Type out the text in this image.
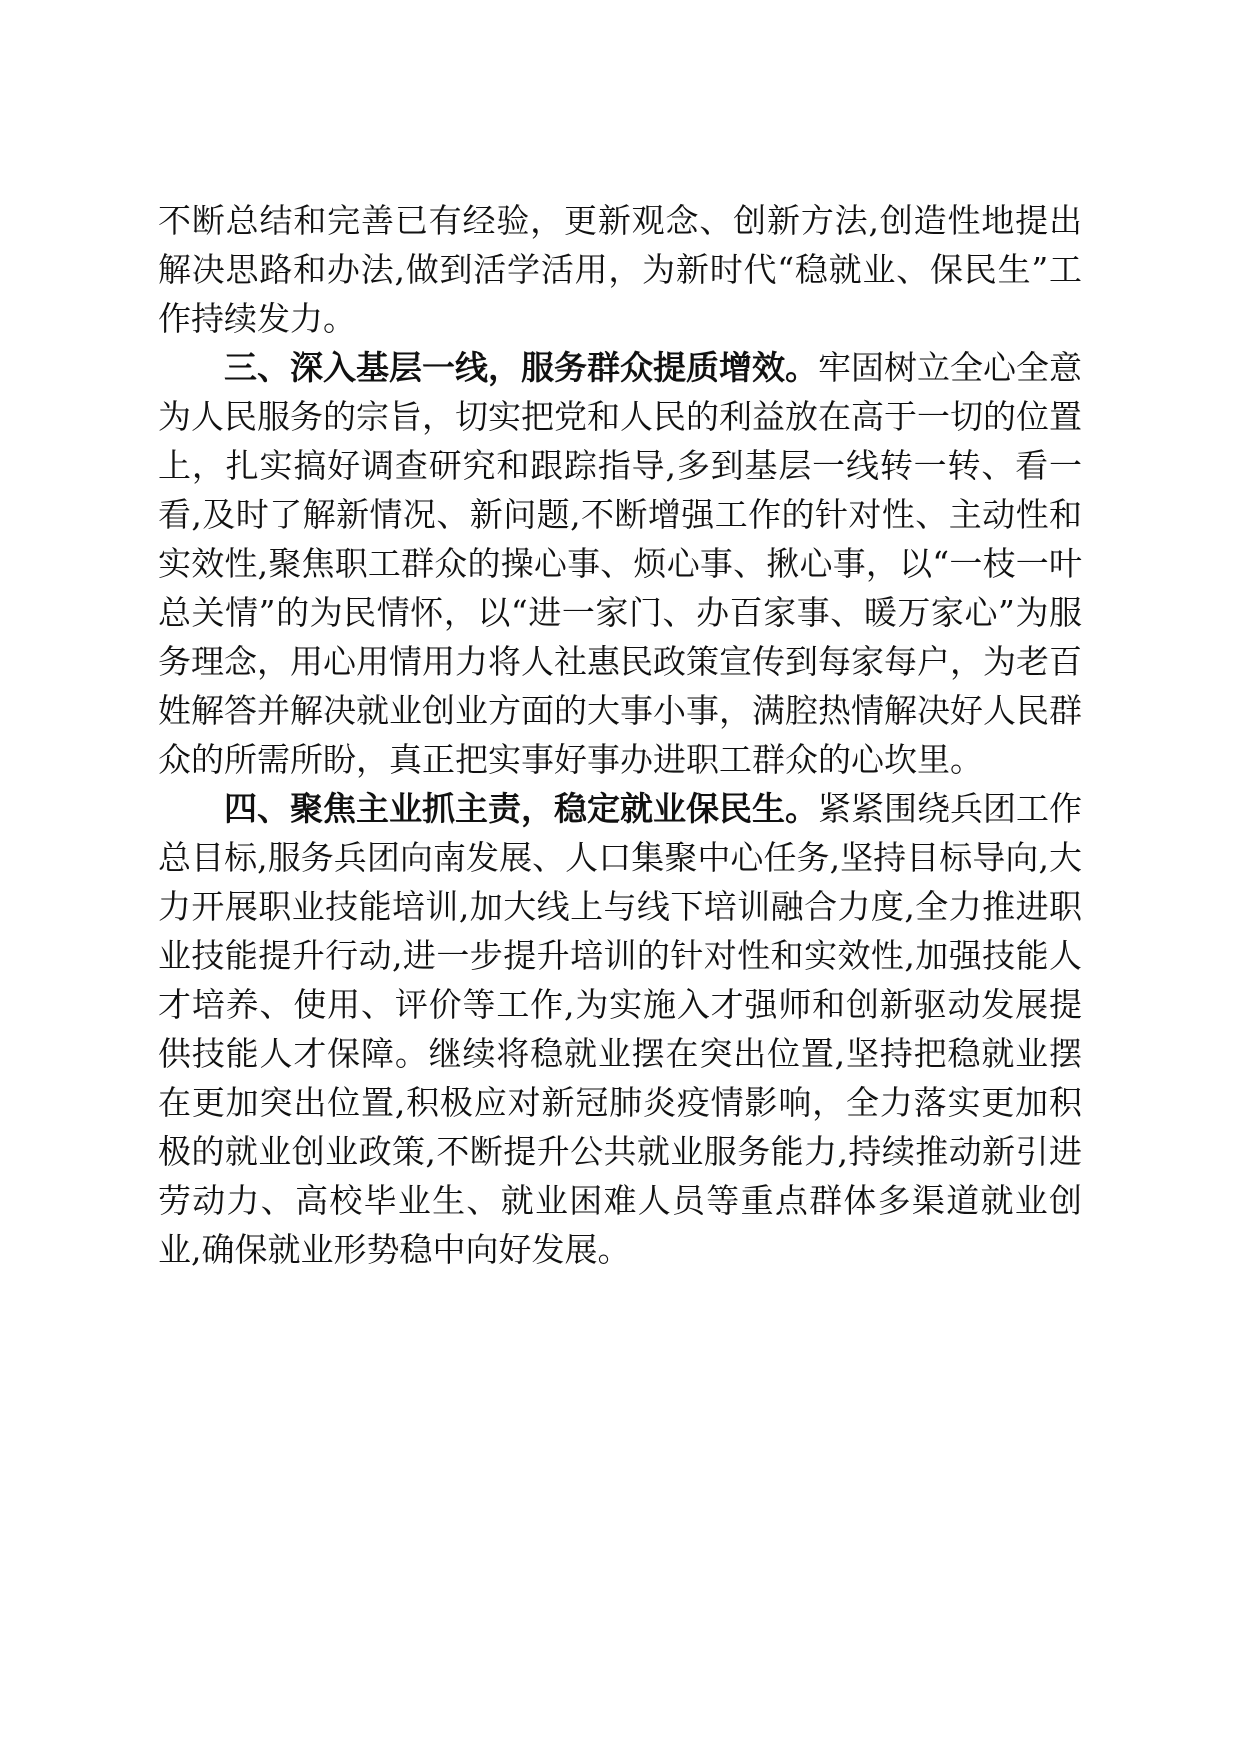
不断总结和完善已有经验，更新观念、创新方法,创造性地提出解决思路和办法,做到活学活用，为新时代“稳就业、保民生”工作持续发力。

三、深入基层一线，服务群众提质增效。牢固树立全心全意为人民服务的宗旨，切实把党和人民的利益放在高于一切的位置上，扎实搞好调查研究和跟踪指导,多到基层一线转一转、看一看,及时了解新情况、新问题,不断增强工作的针对性、主动性和实效性,聚焦职工群众的操心事、烦心事、揪心事，以“一枝一叶总关情”的为民情怀，以“进一家门、办百家事、暖万家心”为服务理念，用心用情用力将人社惠民政策宣传到每家每户，为老百姓解答并解决就业创业方面的大事小事，满腔热情解决好人民群众的所需所盼，真正把实事好事办进职工群众的心坎里。

四、聚焦主业抓主责，稳定就业保民生。紧紧围绕兵团工作总目标,服务兵团向南发展、人口集聚中心任务,坚持目标导向,大力开展职业技能培训,加大线上与线下培训融合力度,全力推进职业技能提升行动,进一步提升培训的针对性和实效性,加强技能人才培养、使用、评价等工作,为实施入才强师和创新驱动发展提供技能人才保障。继续将稳就业摆在突出位置,坚持把稳就业摆在更加突出位置,积极应对新冠肺炎疫情影响，全力落实更加积极的就业创业政策,不断提升公共就业服务能力,持续推动新引进劳动力、高校毕业生、就业困难人员等重点群体多渠道就业创业,确保就业形势稳中向好发展。
